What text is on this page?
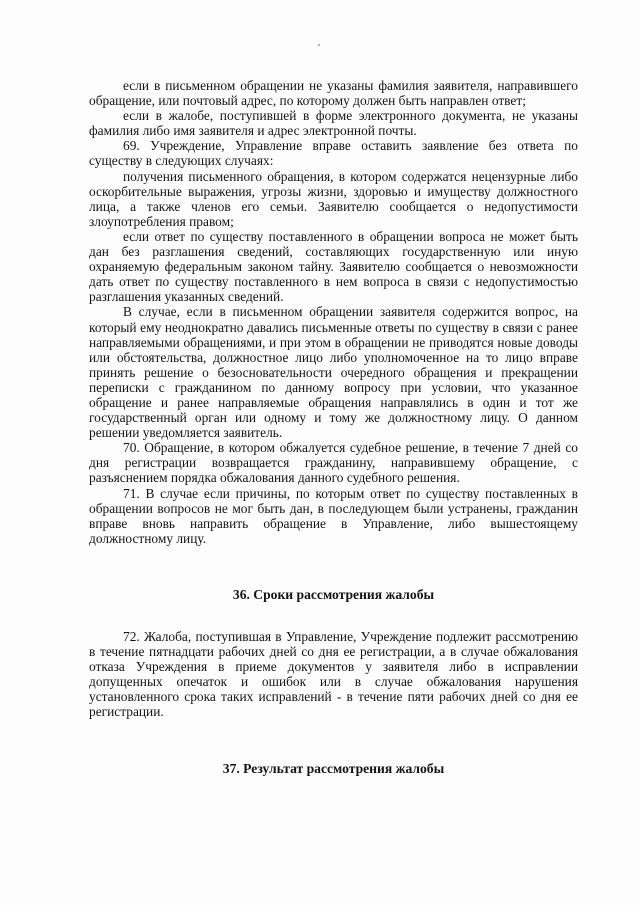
если в письменном обращении не указаны фамилия заявителя, направившего обращение, или почтовый адрес, по которому должен быть направлен ответ;

если в жалобе, поступившей в форме электронного документа, не указаны фамилия либо имя заявителя и адрес электронной почты.

69. Учреждение, Управление вправе оставить заявление без ответа по существу в следующих случаях:

получения письменного обращения, в котором содержатся нецензурные либо оскорбительные выражения, угрозы жизни, здоровью и имуществу должностного лица, а также членов его семьи. Заявителю сообщается о недопустимости злоупотребления правом;

если ответ по существу поставленного в обращении вопроса не может быть дан без разглашения сведений, составляющих государственную или иную охраняемую федеральным законом тайну. Заявителю сообщается о невозможности дать ответ по существу поставленного в нем вопроса в связи с недопустимостью разглашения указанных сведений.

В случае, если в письменном обращении заявителя содержится вопрос, на который ему неоднократно давались письменные ответы по существу в связи с ранее направляемыми обращениями, и при этом в обращении не приводятся новые доводы или обстоятельства, должностное лицо либо уполномоченное на то лицо вправе принять решение о безосновательности очередного обращения и прекращении переписки с гражданином по данному вопросу при условии, что указанное обращение и ранее направляемые обращения направлялись в один и тот же государственный орган или одному и тому же должностному лицу. О данном решении уведомляется заявитель.

70. Обращение, в котором обжалуется судебное решение, в течение 7 дней со дня регистрации возвращается гражданину, направившему обращение, с разъяснением порядка обжалования данного судебного решения.

71. В случае если причины, по которым ответ по существу поставленных в обращении вопросов не мог быть дан, в последующем были устранены, гражданин вправе вновь направить обращение в Управление, либо вышестоящему должностному лицу.

36. Сроки рассмотрения жалобы

72. Жалоба, поступившая в Управление, Учреждение подлежит рассмотрению в течение пятнадцати рабочих дней со дня ее регистрации, а в случае обжалования отказа Учреждения в приеме документов у заявителя либо в исправлении допущенных опечаток и ошибок или в случае обжалования нарушения установленного срока таких исправлений - в течение пяти рабочих дней со дня ее регистрации.

37. Результат рассмотрения жалобы
